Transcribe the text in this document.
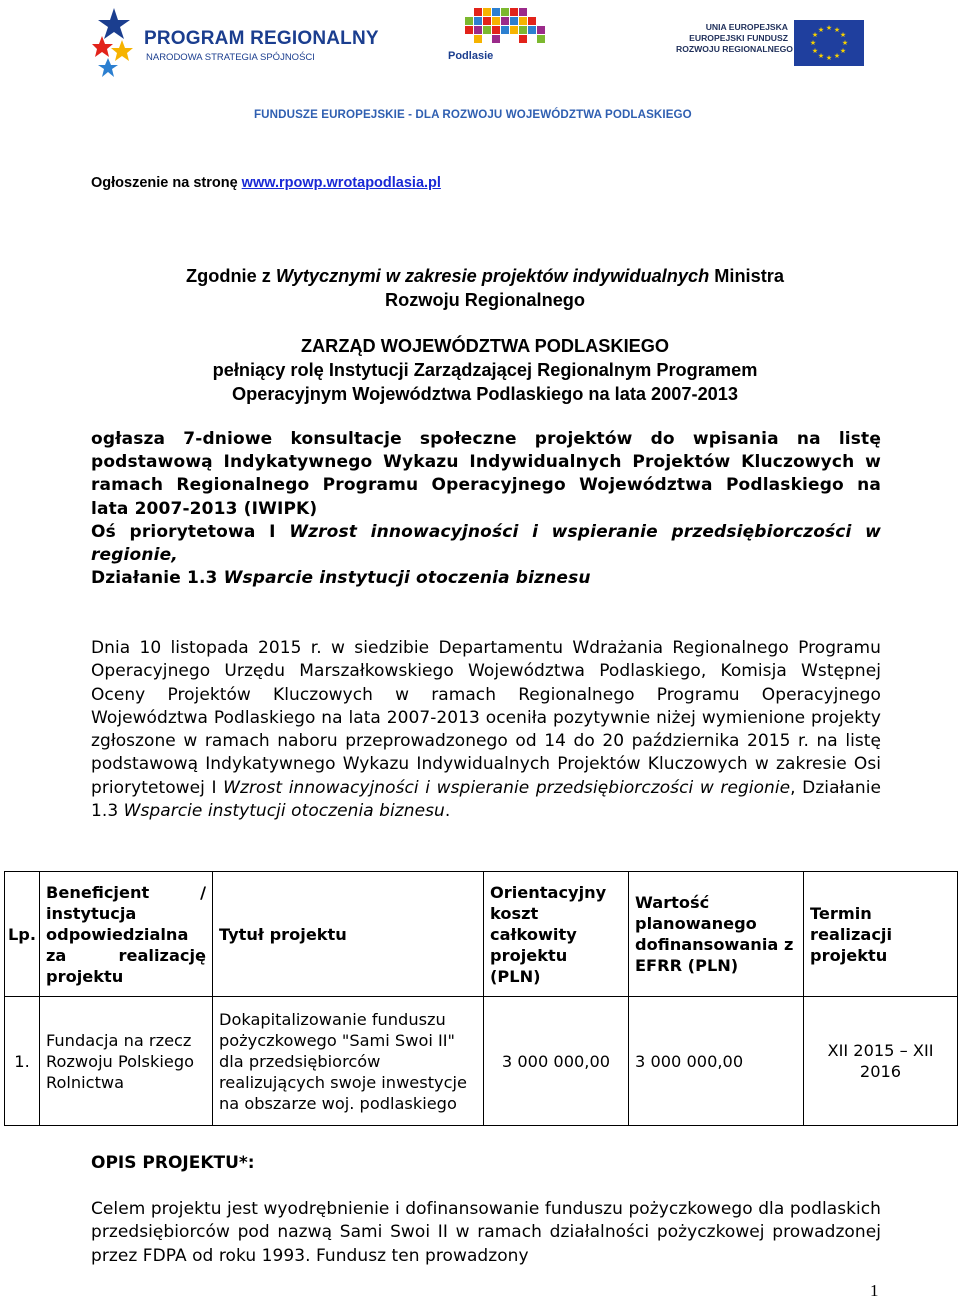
PROGRAM REGIONALNY
NARODOWA STRATEGIA SPÓJNOŚCI	Podlasie
UNIA EUROPEJSKA
EUROPEJSKI FUNDUSZ
ROZWOJU REGIONALNEGO
★ ★
★
★
★
★
★
★
★
★
★
★
FUNDUSZE EUROPEJSKIE - DLA ROZWOJU WOJEWÓDZTWA PODLASKIEGO
Ogłoszenie na stronę www.rpowp.wrotapodlasia.pl
Zgodnie z Wytycznymi w zakresie projektów indywidualnych Ministra
Rozwoju Regionalnego
ZARZĄD WOJEWÓDZTWA PODLASKIEGO
pełniący rolę Instytucji Zarządzającej Regionalnym Programem
Operacyjnym Województwa Podlaskiego na lata 2007-2013
ogłasza 7-dniowe konsultacje społeczne projektów do wpisania na listę podstawową Indykatywnego Wykazu Indywidualnych Projektów Kluczowych w ramach Regionalnego Programu Operacyjnego Województwa Podlaskiego na lata 2007-2013 (IWIPK)
Oś priorytetowa I Wzrost innowacyjności i wspieranie przedsiębiorczości w regionie,
Działanie 1.3 Wsparcie instytucji otoczenia biznesu

Dnia 10 listopada 2015 r. w siedzibie Departamentu Wdrażania Regionalnego Programu Operacyjnego Urzędu Marszałkowskiego Województwa Podlaskiego, Komisja Wstępnej Oceny Projektów Kluczowych w ramach Regionalnego Programu Operacyjnego Województwa Podlaskiego na lata 2007-2013 oceniła pozytywnie niżej wymienione projekty zgłoszone w ramach naboru przeprowadzonego od 14 do 20 października 2015 r. na listę podstawową Indykatywnego Wykazu Indywidualnych Projektów Kluczowych w zakresie Osi priorytetowej I Wzrost innowacyjności i wspieranie przedsiębiorczości w regionie, Działanie 1.3 Wsparcie instytucji otoczenia biznesu.

Lp.	Beneficjent / instytucja odpowiedzialna za realizację projektu	Tytuł projektu	Orientacyjny koszt całkowity projektu (PLN)	Wartość planowanego dofinansowania z EFRR (PLN)	Termin realizacji projektu
1.	Fundacja na rzecz Rozwoju Polskiego Rolnictwa	Dokapitalizowanie funduszu pożyczkowego "Sami Swoi II" dla przedsiębiorców realizujących swoje inwestycje na obszarze woj. podlaskiego	3 000 000,00	3 000 000,00	XII 2015 – XII 2016
OPIS PROJEKTU*:
Celem projektu jest wyodrębnienie i dofinansowanie funduszu pożyczkowego dla podlaskich przedsiębiorców pod nazwą Sami Swoi II w ramach działalności pożyczkowej prowadzonej przez FDPA od roku 1993. Fundusz ten prowadzony
1
